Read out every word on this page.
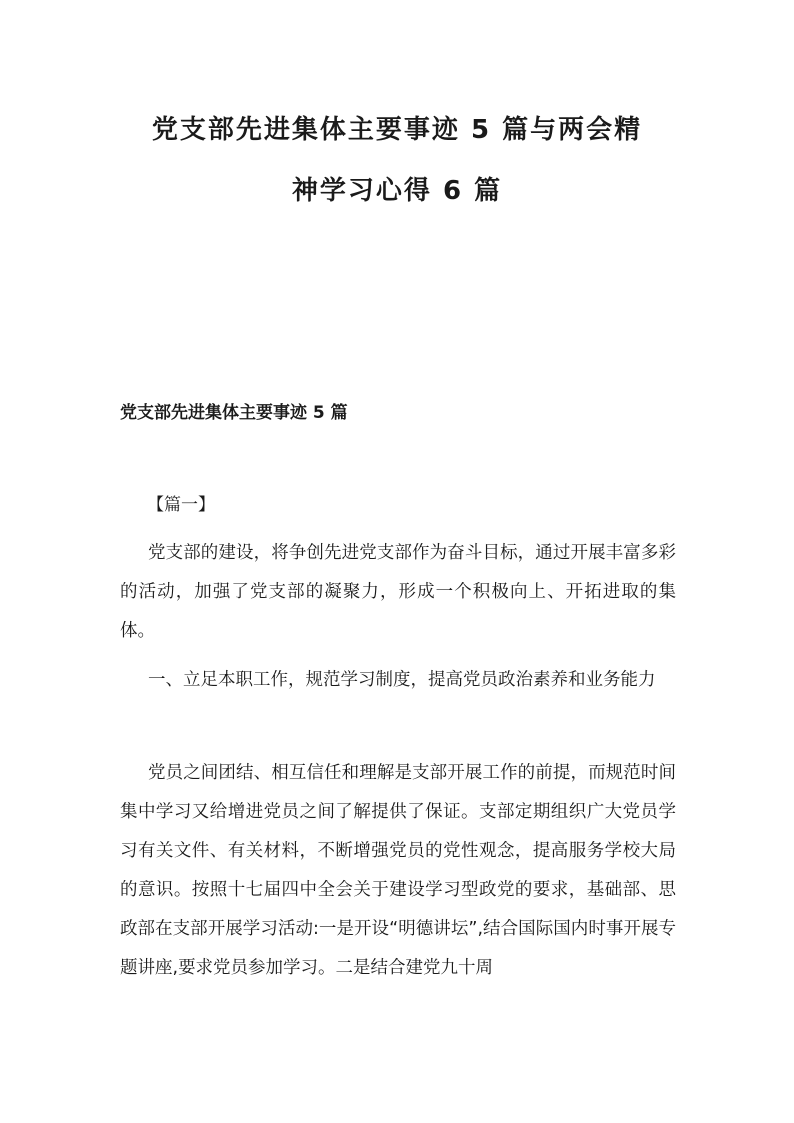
党支部先进集体主要事迹 5 篇与两会精
神学习心得 6 篇
党支部先进集体主要事迹 5 篇

【篇一】

党支部的建设，将争创先进党支部作为奋斗目标，通过开展丰富多彩的活动，加强了党支部的凝聚力，形成一个积极向上、开拓进取的集体。

一、立足本职工作，规范学习制度，提高党员政治素养和业务能力

党员之间团结、相互信任和理解是支部开展工作的前提，而规范时间集中学习又给增进党员之间了解提供了保证。支部定期组织广大党员学习有关文件、有关材料，不断增强党员的党性观念，提高服务学校大局的意识。按照十七届四中全会关于建设学习型政党的要求，基础部、思政部在支部开展学习活动:一是开设“明德讲坛”,结合国际国内时事开展专题讲座,要求党员参加学习。二是结合建党九十周
